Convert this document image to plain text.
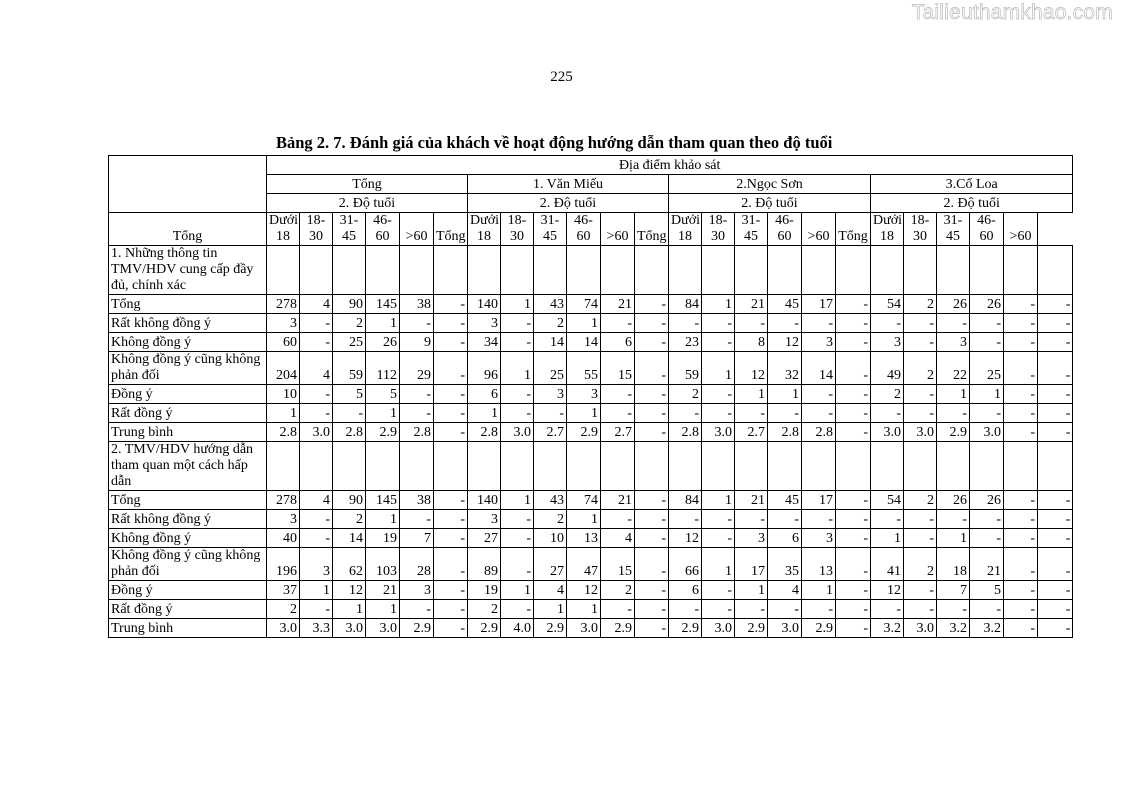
Tailieuthamkhao.com
225
Bảng 2. 7. Đánh giá của khách về hoạt động hướng dẫn tham quan theo độ tuổi
	Địa điểm khảo sát																							
	Tổng						1. Văn Miếu						2.Ngọc Sơn						3.Cổ Loa					
	2. Độ tuổi						2. Độ tuổi						2. Độ tuổi						2. Độ tuổi					
Tổng	Dưới 18	18-30	31-45	46-60	>60	Tổng	Dưới 18	18-30	31-45	46-60	>60	Tổng	Dưới 18	18-30	31-45	46-60	>60	Tổng	Dưới 18	18-30	31-45	46-60	>60	
1. Những thông tin TMV/HDV cung cấp đầy đủ, chính xác																								
Tổng	278	4	90	145	38	-	140	1	43	74	21	-	84	1	21	45	17	-	54	2	26	26	-	-
Rất không đồng ý	3	-	2	1	-	-	3	-	2	1	-	-	-	-	-	-	-	-	-	-	-	-	-	-
Không đồng ý	60	-	25	26	9	-	34	-	14	14	6	-	23	-	8	12	3	-	3	-	3	-	-	-
Không đồng ý cũng không phản đối	204	4	59	112	29	-	96	1	25	55	15	-	59	1	12	32	14	-	49	2	22	25	-	-
Đồng ý	10	-	5	5	-	-	6	-	3	3	-	-	2	-	1	1	-	-	2	-	1	1	-	-
Rất đồng ý	1	-	-	1	-	-	1	-	-	1	-	-	-	-	-	-	-	-	-	-	-	-	-	-
Trung bình	2.8	3.0	2.8	2.9	2.8	-	2.8	3.0	2.7	2.9	2.7	-	2.8	3.0	2.7	2.8	2.8	-	3.0	3.0	2.9	3.0	-	-
2. TMV/HDV hướng dẫn tham quan một cách hấp dẫn																								
Tổng	278	4	90	145	38	-	140	1	43	74	21	-	84	1	21	45	17	-	54	2	26	26	-	-
Rất không đồng ý	3	-	2	1	-	-	3	-	2	1	-	-	-	-	-	-	-	-	-	-	-	-	-	-
Không đồng ý	40	-	14	19	7	-	27	-	10	13	4	-	12	-	3	6	3	-	1	-	1	-	-	-
Không đồng ý cũng không phản đối	196	3	62	103	28	-	89	-	27	47	15	-	66	1	17	35	13	-	41	2	18	21	-	-
Đồng ý	37	1	12	21	3	-	19	1	4	12	2	-	6	-	1	4	1	-	12	-	7	5	-	-
Rất đồng ý	2	-	1	1	-	-	2	-	1	1	-	-	-	-	-	-	-	-	-	-	-	-	-	-
Trung bình	3.0	3.3	3.0	3.0	2.9	-	2.9	4.0	2.9	3.0	2.9	-	2.9	3.0	2.9	3.0	2.9	-	3.2	3.0	3.2	3.2	-	-
